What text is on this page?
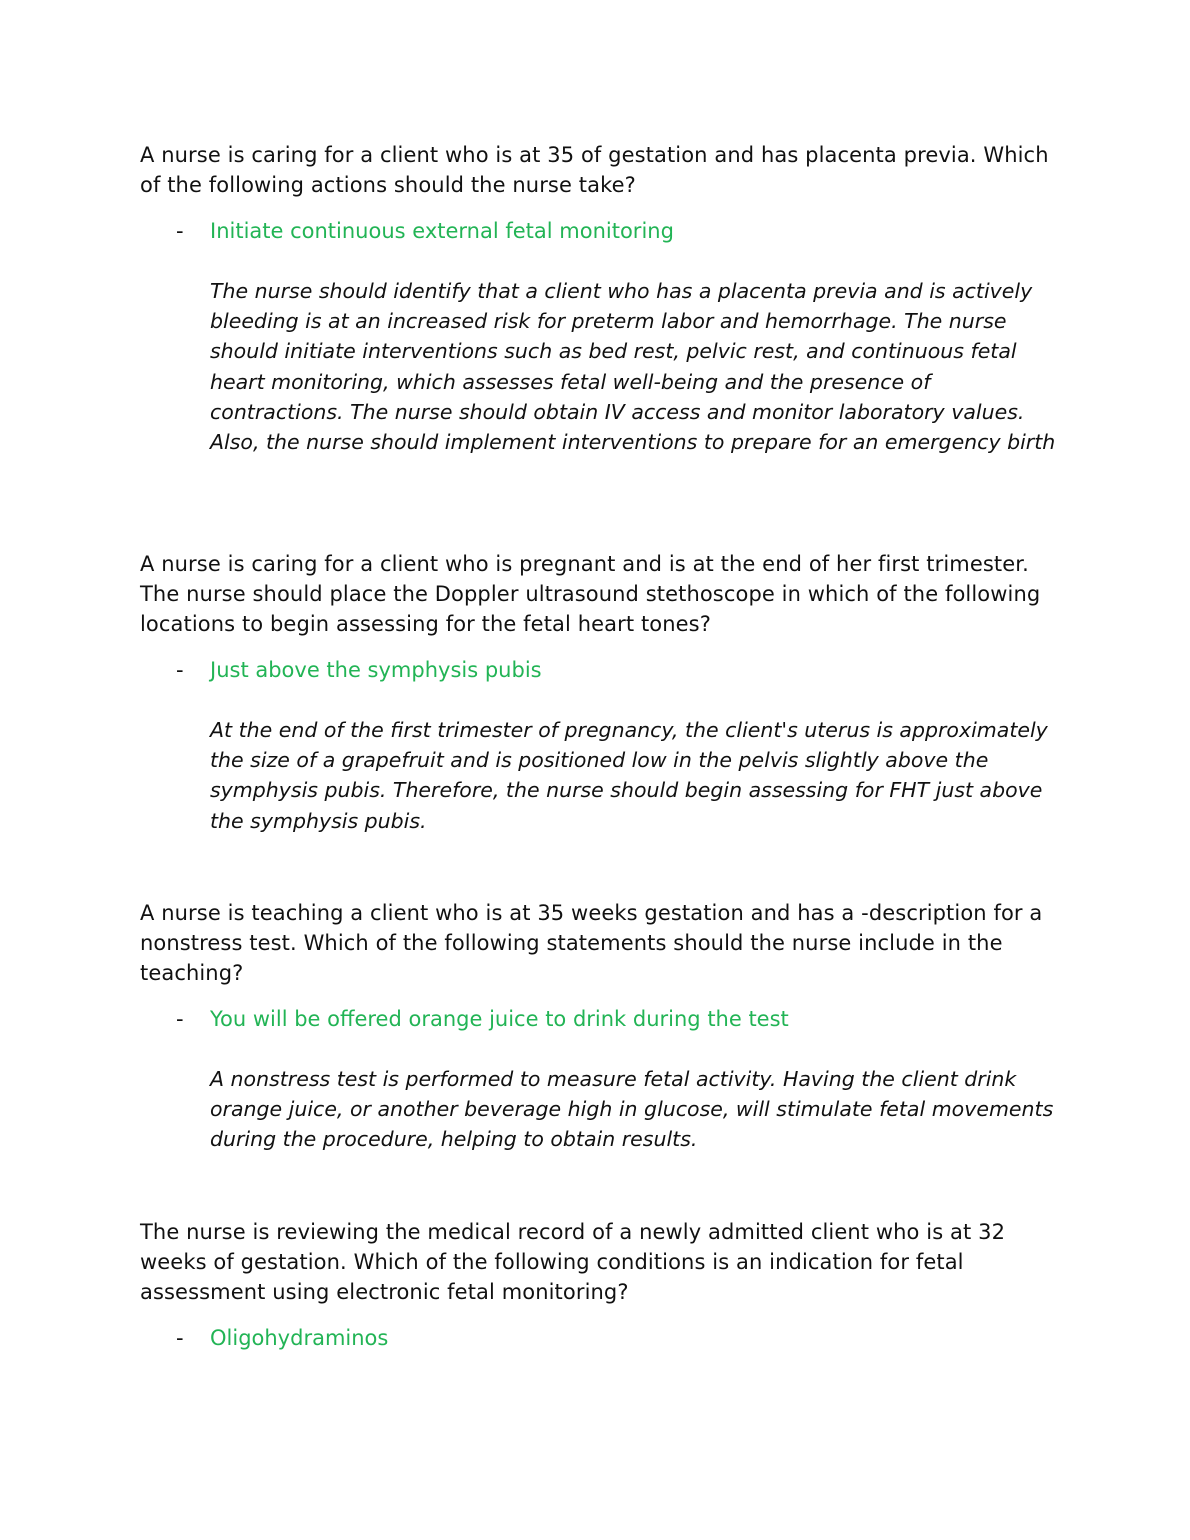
A nurse is caring for a client who is at 35 of gestation and has placenta previa. Which of the following actions should the nurse take?

- Initiate continuous external fetal monitoring

The nurse should identify that a client who has a placenta previa and is actively bleeding is at an increased risk for preterm labor and hemorrhage. The nurse should initiate interventions such as bed rest, pelvic rest, and continuous fetal heart monitoring, which assesses fetal well-being and the presence of contractions. The nurse should obtain IV access and monitor laboratory values. Also, the nurse should implement interventions to prepare for an emergency birth

A nurse is caring for a client who is pregnant and is at the end of her first trimester. The nurse should place the Doppler ultrasound stethoscope in which of the following locations to begin assessing for the fetal heart tones?

- Just above the symphysis pubis

At the end of the first trimester of pregnancy, the client's uterus is approximately the size of a grapefruit and is positioned low in the pelvis slightly above the symphysis pubis. Therefore, the nurse should begin assessing for FHT just above the symphysis pubis.

A nurse is teaching a client who is at 35 weeks gestation and has a -description for a nonstress test. Which of the following statements should the nurse include in the teaching?

- You will be offered orange juice to drink during the test

A nonstress test is performed to measure fetal activity. Having the client drink orange juice, or another beverage high in glucose, will stimulate fetal movements during the procedure, helping to obtain results.

The nurse is reviewing the medical record of a newly admitted client who is at 32 weeks of gestation. Which of the following conditions is an indication for fetal assessment using electronic fetal monitoring?

- Oligohydraminos
